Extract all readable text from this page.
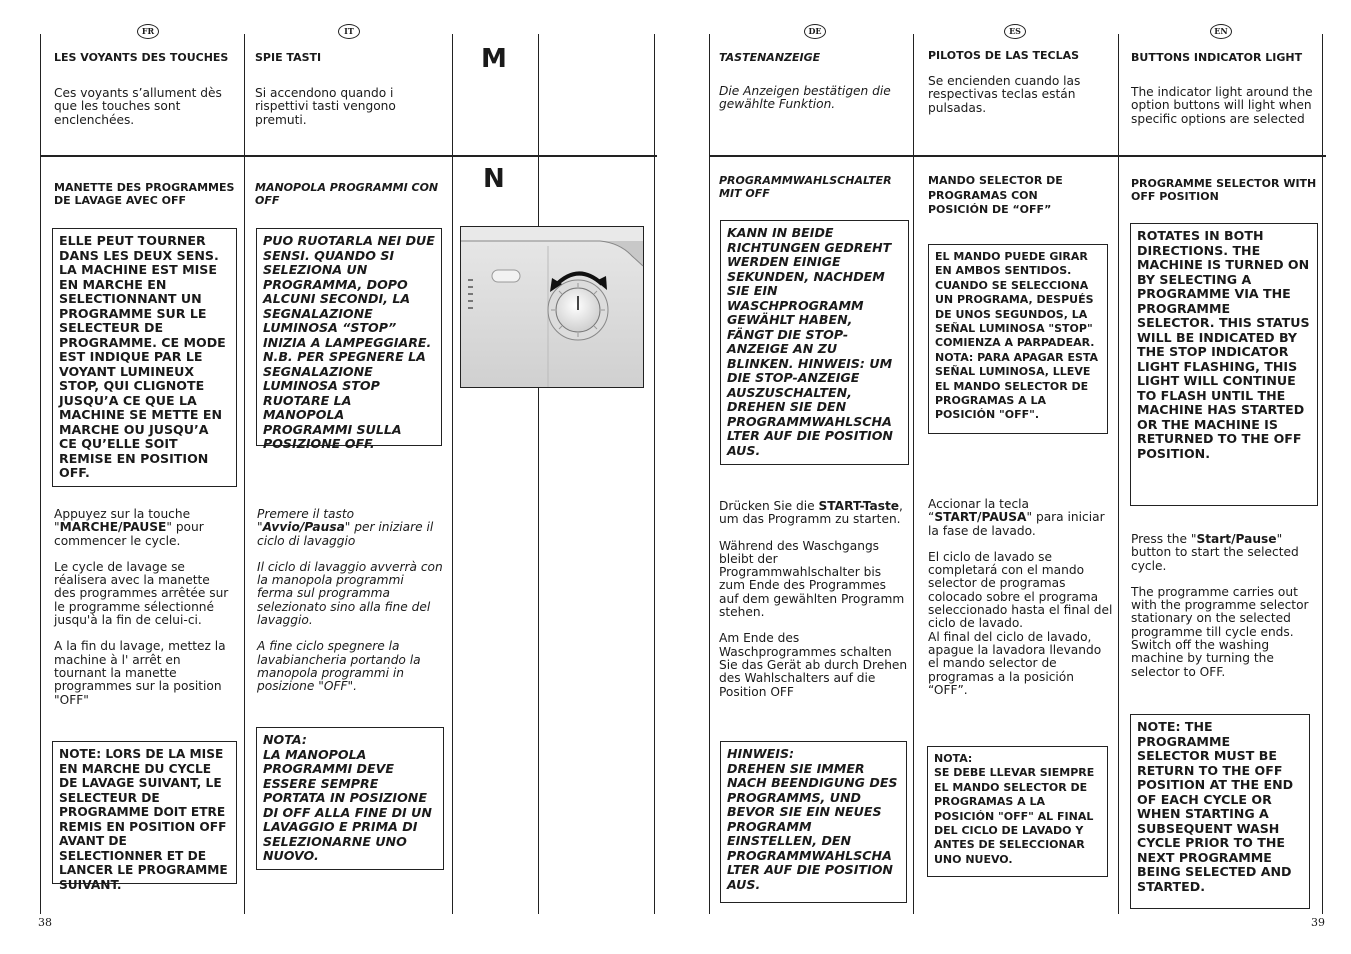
FR	IT
LES VOYANTS DES TOUCHES
Ces voyants s’allument dès que les touches sont enclenchées.
MANETTE DES PROGRAMMES DE LAVAGE AVEC OFF
ELLE PEUT TOURNER DANS LES DEUX SENS. LA MACHINE EST MISE EN MARCHE EN SELECTIONNANT UN PROGRAMME SUR LE SELECTEUR DE PROGRAMME. CE MODE EST INDIQUE PAR LE VOYANT LUMINEUX STOP, QUI CLIGNOTE JUSQU’A CE QUE LA MACHINE SE METTE EN MARCHE OU JUSQU’A CE QU’ELLE SOIT REMISE EN POSITION OFF.

Appuyez sur la touche "MARCHE/PAUSE" pour commencer le cycle.

Le cycle de lavage se réalisera avec la manette des programmes arrêtée sur le programme sélectionné jusqu'à la fin de celui-ci.

A la fin du lavage, mettez la machine à l' arrêt en tournant la manette programmes sur la position "OFF"

NOTE: LORS DE LA MISE EN MARCHE DU CYCLE DE LAVAGE SUIVANT, LE SELECTEUR DE PROGRAMME DOIT ETRE REMIS EN POSITION OFF AVANT DE SELECTIONNER ET DE LANCER LE PROGRAMME SUIVANT.
SPIE TASTI
Si accendono quando i rispettivi tasti vengono premuti.
MANOPOLA PROGRAMMI CON OFF
PUO RUOTARLA NEI DUE SENSI. QUANDO SI SELEZIONA UN PROGRAMMA, DOPO ALCUNI SECONDI, LA SEGNALAZIONE LUMINOSA “STOP” INIZIA A LAMPEGGIARE. N.B. PER SPEGNERE LA SEGNALAZIONE LUMINOSA STOP RUOTARE LA MANOPOLA PROGRAMMI SULLA POSIZIONE OFF.

Premere il tasto "Avvio/Pausa" per iniziare il ciclo di lavaggio

Il ciclo di lavaggio avverrà con la manopola programmi ferma sul programma selezionato sino alla fine del lavaggio.

A fine ciclo spegnere la lavabiancheria portando la manopola programmi in posizione "OFF".

NOTA:
LA MANOPOLA PROGRAMMI DEVE ESSERE SEMPRE PORTATA IN POSIZIONE DI OFF ALLA FINE DI UN LAVAGGIO E PRIMA DI SELEZIONARNE UNO NUOVO.
M
N
38
DE	ES	EN
TASTENANZEIGE
Die Anzeigen bestätigen die gewählte Funktion.
PROGRAMMWAHLSCHALTER MIT OFF
KANN IN BEIDE RICHTUNGEN GEDREHT WERDEN EINIGE SEKUNDEN, NACHDEM SIE EIN WASCHPROGRAMM GEWÄHLT HABEN, FÄNGT DIE STOP-ANZEIGE AN ZU BLINKEN. HINWEIS: UM DIE STOP-ANZEIGE AUSZUSCHALTEN, DREHEN SIE DEN PROGRAMMWAHLSCHA LTER AUF DIE POSITION AUS.

Drücken Sie die START-Taste, um das Programm zu starten.

Während des Waschgangs bleibt der Programmwahlschalter bis zum Ende des Programmes auf dem gewählten Programm stehen.

Am Ende des Waschprogrammes schalten Sie das Gerät ab durch Drehen des Wahlschalters auf die Position OFF

HINWEIS:
DREHEN SIE IMMER NACH BEENDIGUNG DES PROGRAMMS, UND BEVOR SIE EIN NEUES PROGRAMM EINSTELLEN, DEN PROGRAMMWAHLSCHA LTER AUF DIE POSITION AUS.
PILOTOS DE LAS TECLAS
Se encienden cuando las respectivas teclas están pulsadas.
MANDO SELECTOR DE PROGRAMAS CON POSICIÓN DE “OFF”
EL MANDO PUEDE GIRAR EN AMBOS SENTIDOS. CUANDO SE SELECCIONA UN PROGRAMA, DESPUÉS DE UNOS SEGUNDOS, LA SEÑAL LUMINOSA "STOP" COMIENZA A PARPADEAR. NOTA: PARA APAGAR ESTA SEÑAL LUMINOSA, LLEVE EL MANDO SELECTOR DE PROGRAMAS A LA POSICIÓN "OFF".

Accionar la tecla “START/PAUSA" para iniciar la fase de lavado.

El ciclo de lavado se completará con el mando selector de programas colocado sobre el programa seleccionado hasta el final del ciclo de lavado.

Al final del ciclo de lavado, apague la lavadora llevando el mando selector de programas a la posición “OFF”.

NOTA:
SE DEBE LLEVAR SIEMPRE EL MANDO SELECTOR DE PROGRAMAS A LA POSICIÓN "OFF" AL FINAL DEL CICLO DE LAVADO Y ANTES DE SELECCIONAR UNO NUEVO.
BUTTONS INDICATOR LIGHT
The indicator light around the option buttons will light when specific options are selected
PROGRAMME SELECTOR WITH OFF POSITION
ROTATES IN BOTH DIRECTIONS. THE MACHINE IS TURNED ON BY SELECTING A PROGRAMME VIA THE PROGRAMME SELECTOR. THIS STATUS WILL BE INDICATED BY THE STOP INDICATOR LIGHT FLASHING, THIS LIGHT WILL CONTINUE TO FLASH UNTIL THE MACHINE HAS STARTED OR THE MACHINE IS RETURNED TO THE OFF POSITION.

Press the "Start/Pause" button to start the selected cycle.

The programme carries out with the programme selector stationary on the selected programme till cycle ends. Switch off the washing machine by turning the selector to OFF.

NOTE: THE PROGRAMME SELECTOR MUST BE RETURN TO THE OFF POSITION AT THE END OF EACH CYCLE OR WHEN STARTING A SUBSEQUENT WASH CYCLE PRIOR TO THE NEXT PROGRAMME BEING SELECTED AND STARTED.
39
